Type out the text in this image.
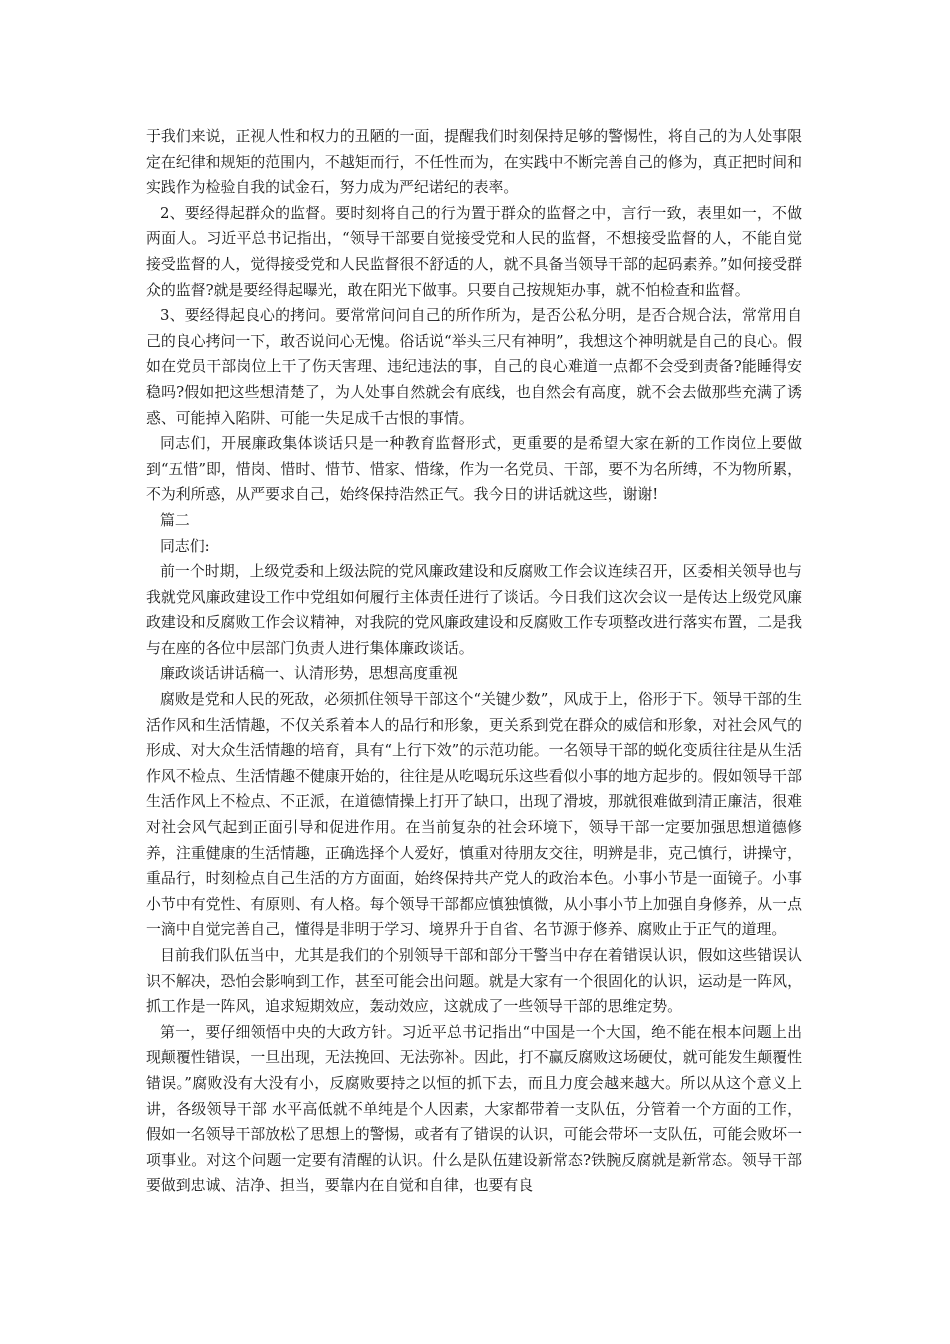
于我们来说，正视人性和权力的丑陋的一面，提醒我们时刻保持足够的警惕性，将自己的为人处事限定在纪律和规矩的范围内，不越矩而行，不任性而为，在实践中不断完善自己的修为，真正把时间和实践作为检验自我的试金石，努力成为严纪诺纪的表率。

2、要经得起群众的监督。要时刻将自己的行为置于群众的监督之中，言行一致，表里如一，不做两面人。习近平总书记指出，“领导干部要自觉接受党和人民的监督，不想接受监督的人，不能自觉接受监督的人，觉得接受党和人民监督很不舒适的人，就不具备当领导干部的起码素养。”如何接受群众的监督?就是要经得起曝光，敢在阳光下做事。只要自己按规矩办事，就不怕检查和监督。

3、要经得起良心的拷问。要常常问问自己的所作所为，是否公私分明，是否合规合法，常常用自己的良心拷问一下，敢否说问心无愧。俗话说“举头三尺有神明”，我想这个神明就是自己的良心。假如在党员干部岗位上干了伤天害理、违纪违法的事，自己的良心难道一点都不会受到责备?能睡得安稳吗?假如把这些想清楚了，为人处事自然就会有底线，也自然会有高度，就不会去做那些充满了诱惑、可能掉入陷阱、可能一失足成千古恨的事情。

同志们，开展廉政集体谈话只是一种教育监督形式，更重要的是希望大家在新的工作岗位上要做到“五惜”即，惜岗、惜时、惜节、惜家、惜缘，作为一名党员、干部，要不为名所缚，不为物所累，不为利所惑，从严要求自己，始终保持浩然正气。我今日的讲话就这些，谢谢!

篇二

同志们:

前一个时期，上级党委和上级法院的党风廉政建设和反腐败工作会议连续召开，区委相关领导也与我就党风廉政建设工作中党组如何履行主体责任进行了谈话。今日我们这次会议一是传达上级党风廉政建设和反腐败工作会议精神，对我院的党风廉政建设和反腐败工作专项整改进行落实布置，二是我与在座的各位中层部门负责人进行集体廉政谈话。

廉政谈话讲话稿一、认清形势，思想高度重视

腐败是党和人民的死敌，必须抓住领导干部这个“关键少数”，风成于上，俗形于下。领导干部的生活作风和生活情趣，不仅关系着本人的品行和形象，更关系到党在群众的威信和形象，对社会风气的形成、对大众生活情趣的培育，具有“上行下效”的示范功能。一名领导干部的蜕化变质往往是从生活作风不检点、生活情趣不健康开始的，往往是从吃喝玩乐这些看似小事的地方起步的。假如领导干部生活作风上不检点、不正派，在道德情操上打开了缺口，出现了滑坡，那就很难做到清正廉洁，很难对社会风气起到正面引导和促进作用。在当前复杂的社会环境下，领导干部一定要加强思想道德修养，注重健康的生活情趣，正确选择个人爱好，慎重对待朋友交往，明辨是非，克己慎行，讲操守，重品行，时刻检点自己生活的方方面面，始终保持共产党人的政治本色。小事小节是一面镜子。小事小节中有党性、有原则、有人格。每个领导干部都应慎独慎微，从小事小节上加强自身修养，从一点一滴中自觉完善自己，懂得是非明于学习、境界升于自省、名节源于修养、腐败止于正气的道理。

目前我们队伍当中，尤其是我们的个别领导干部和部分干警当中存在着错误认识，假如这些错误认识不解决，恐怕会影响到工作，甚至可能会出问题。就是大家有一个很固化的认识，运动是一阵风，抓工作是一阵风，追求短期效应，轰动效应，这就成了一些领导干部的思维定势。

第一，要仔细领悟中央的大政方针。习近平总书记指出“中国是一个大国，绝不能在根本问题上出现颠覆性错误，一旦出现，无法挽回、无法弥补。因此，打不赢反腐败这场硬仗，就可能发生颠覆性错误。”腐败没有大没有小，反腐败要持之以恒的抓下去，而且力度会越来越大。所以从这个意义上讲，各级领导干部 水平高低就不单纯是个人因素，大家都带着一支队伍，分管着一个方面的工作，假如一名领导干部放松了思想上的警惕，或者有了错误的认识，可能会带坏一支队伍，可能会败坏一项事业。对这个问题一定要有清醒的认识。什么是队伍建设新常态?铁腕反腐就是新常态。领导干部要做到忠诚、洁净、担当，要靠内在自觉和自律，也要有良
